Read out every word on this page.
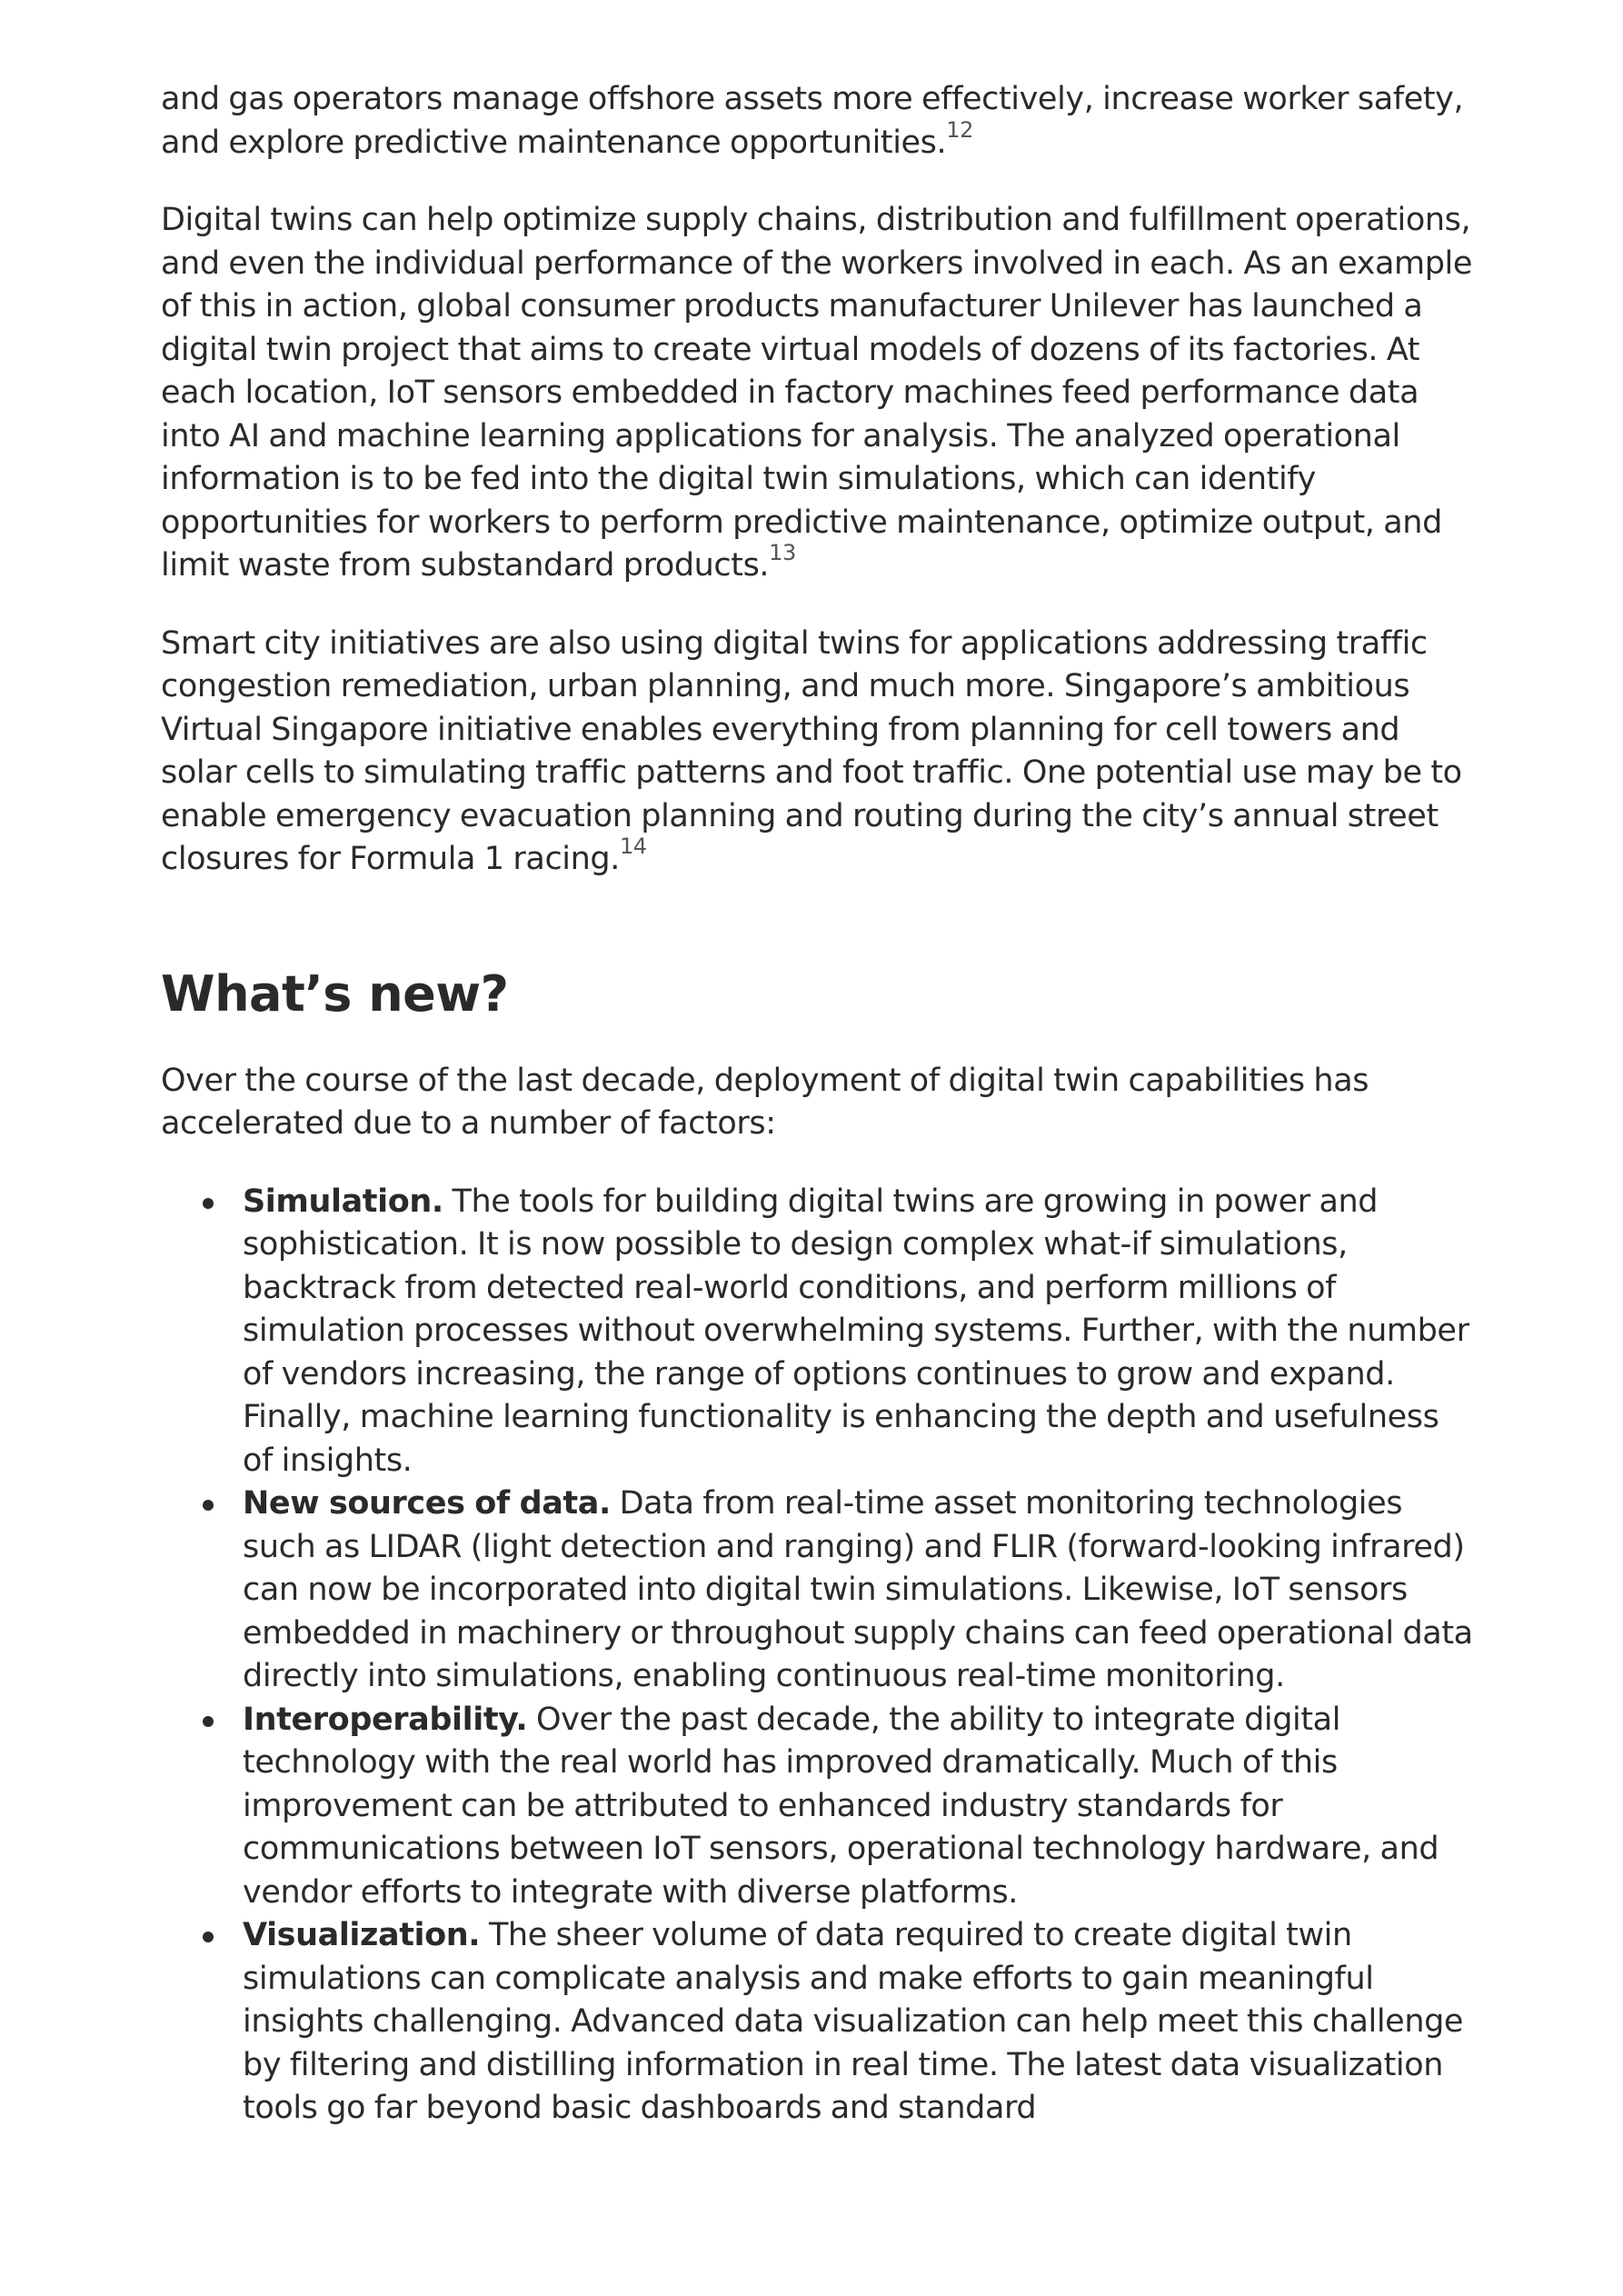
and gas operators manage offshore assets more effectively, increase worker safety, and explore predictive maintenance opportunities.$^{12}$

Digital twins can help optimize supply chains, distribution and fulfillment operations, and even the individual performance of the workers involved in each. As an example of this in action, global consumer products manufacturer Unilever has launched a digital twin project that aims to create virtual models of dozens of its factories. At each location, IoT sensors embedded in factory machines feed performance data into AI and machine learning applications for analysis. The analyzed operational information is to be fed into the digital twin simulations, which can identify opportunities for workers to perform predictive maintenance, optimize output, and limit waste from substandard products.$^{13}$

Smart city initiatives are also using digital twins for applications addressing traffic congestion remediation, urban planning, and much more. Singapore’s ambitious Virtual Singapore initiative enables everything from planning for cell towers and solar cells to simulating traffic patterns and foot traffic. One potential use may be to enable emergency evacuation planning and routing during the city’s annual street closures for Formula 1 racing.$^{14}$

What’s new?

Over the course of the last decade, deployment of digital twin capabilities has accelerated due to a number of factors:

Simulation. The tools for building digital twins are growing in power and sophistication. It is now possible to design complex what-if simulations, backtrack from detected real-world conditions, and perform millions of simulation processes without overwhelming systems. Further, with the number of vendors increasing, the range of options continues to grow and expand. Finally, machine learning functionality is enhancing the depth and usefulness of insights.
New sources of data. Data from real-time asset monitoring technologies such as LIDAR (light detection and ranging) and FLIR (forward-looking infrared) can now be incorporated into digital twin simulations. Likewise, IoT sensors embedded in machinery or throughout supply chains can feed operational data directly into simulations, enabling continuous real-time monitoring.
Interoperability. Over the past decade, the ability to integrate digital technology with the real world has improved dramatically. Much of this improvement can be attributed to enhanced industry standards for communications between IoT sensors, operational technology hardware, and vendor efforts to integrate with diverse platforms.
Visualization. The sheer volume of data required to create digital twin simulations can complicate analysis and make efforts to gain meaningful insights challenging. Advanced data visualization can help meet this challenge by filtering and distilling information in real time. The latest data visualization tools go far beyond basic dashboards and standard
